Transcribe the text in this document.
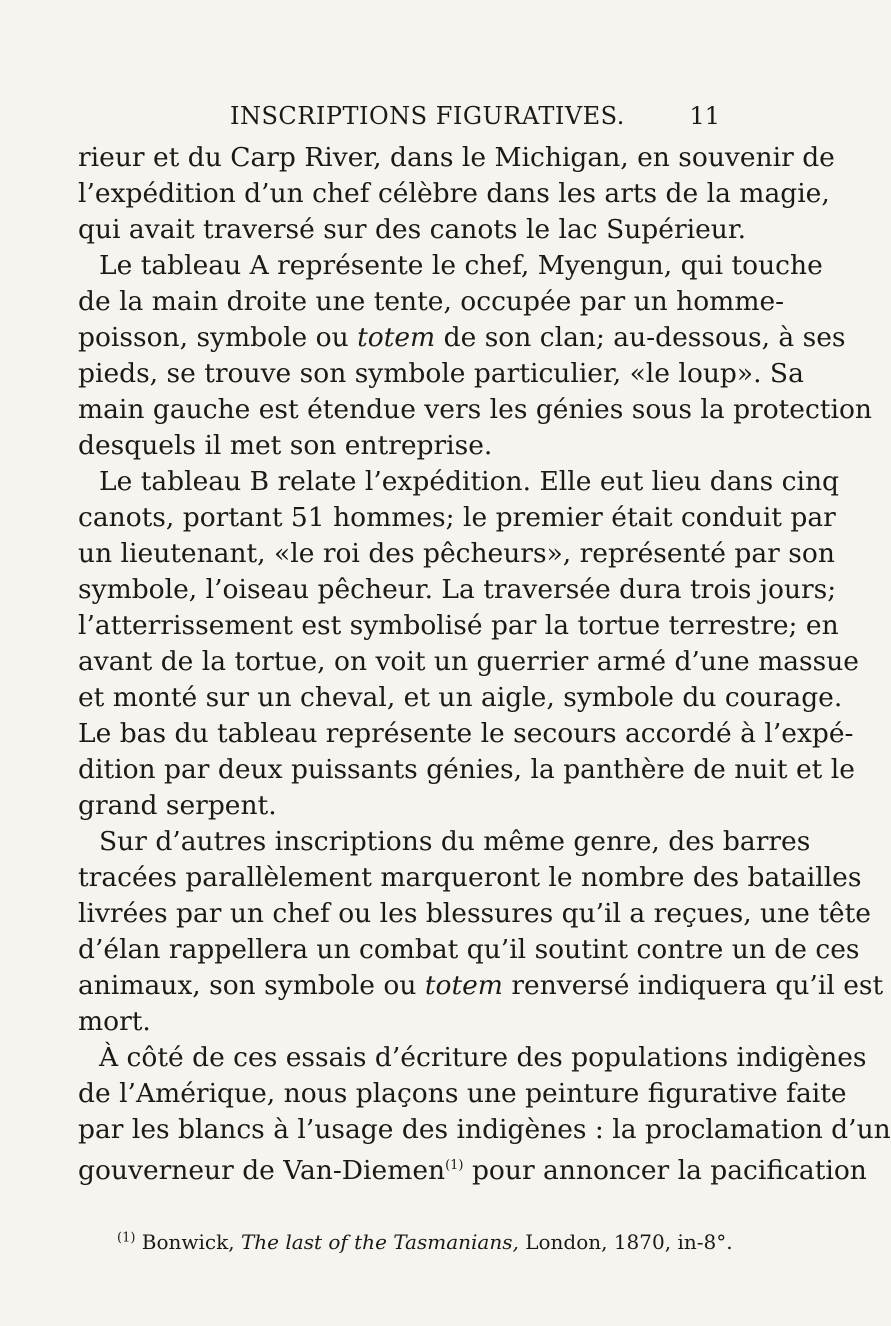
INSCRIPTIONS FIGURATIVES.	11
rieur et du Carp River, dans le Michigan, en souvenir de
l’expédition d’un chef célèbre dans les arts de la magie,
qui avait traversé sur des canots le lac Supérieur.
Le tableau A représente le chef, Myengun, qui touche
de la main droite une tente, occupée par un homme-
poisson, symbole ou totem de son clan; au-dessous, à ses
pieds, se trouve son symbole particulier, «le loup». Sa
main gauche est étendue vers les génies sous la protection
desquels il met son entreprise.
Le tableau B relate l’expédition. Elle eut lieu dans cinq
canots, portant 51 hommes; le premier était conduit par
un lieutenant, «le roi des pêcheurs», représenté par son
symbole, l’oiseau pêcheur. La traversée dura trois jours;
l’atterrissement est symbolisé par la tortue terrestre; en
avant de la tortue, on voit un guerrier armé d’une massue
et monté sur un cheval, et un aigle, symbole du courage.
Le bas du tableau représente le secours accordé à l’expé-
dition par deux puissants génies, la panthère de nuit et le
grand serpent.
Sur d’autres inscriptions du même genre, des barres
tracées parallèlement marqueront le nombre des batailles
livrées par un chef ou les blessures qu’il a reçues, une tête
d’élan rappellera un combat qu’il soutint contre un de ces
animaux, son symbole ou totem renversé indiquera qu’il est
mort.
À côté de ces essais d’écriture des populations indigènes
de l’Amérique, nous plaçons une peinture figurative faite
par les blancs à l’usage des indigènes : la proclamation d’un
gouverneur de Van-Diemen$^{(1)}$ pour annoncer la pacification
$^{(1)}$ Bonwick, The last of the Tasmanians, London, 1870, in-8°.
